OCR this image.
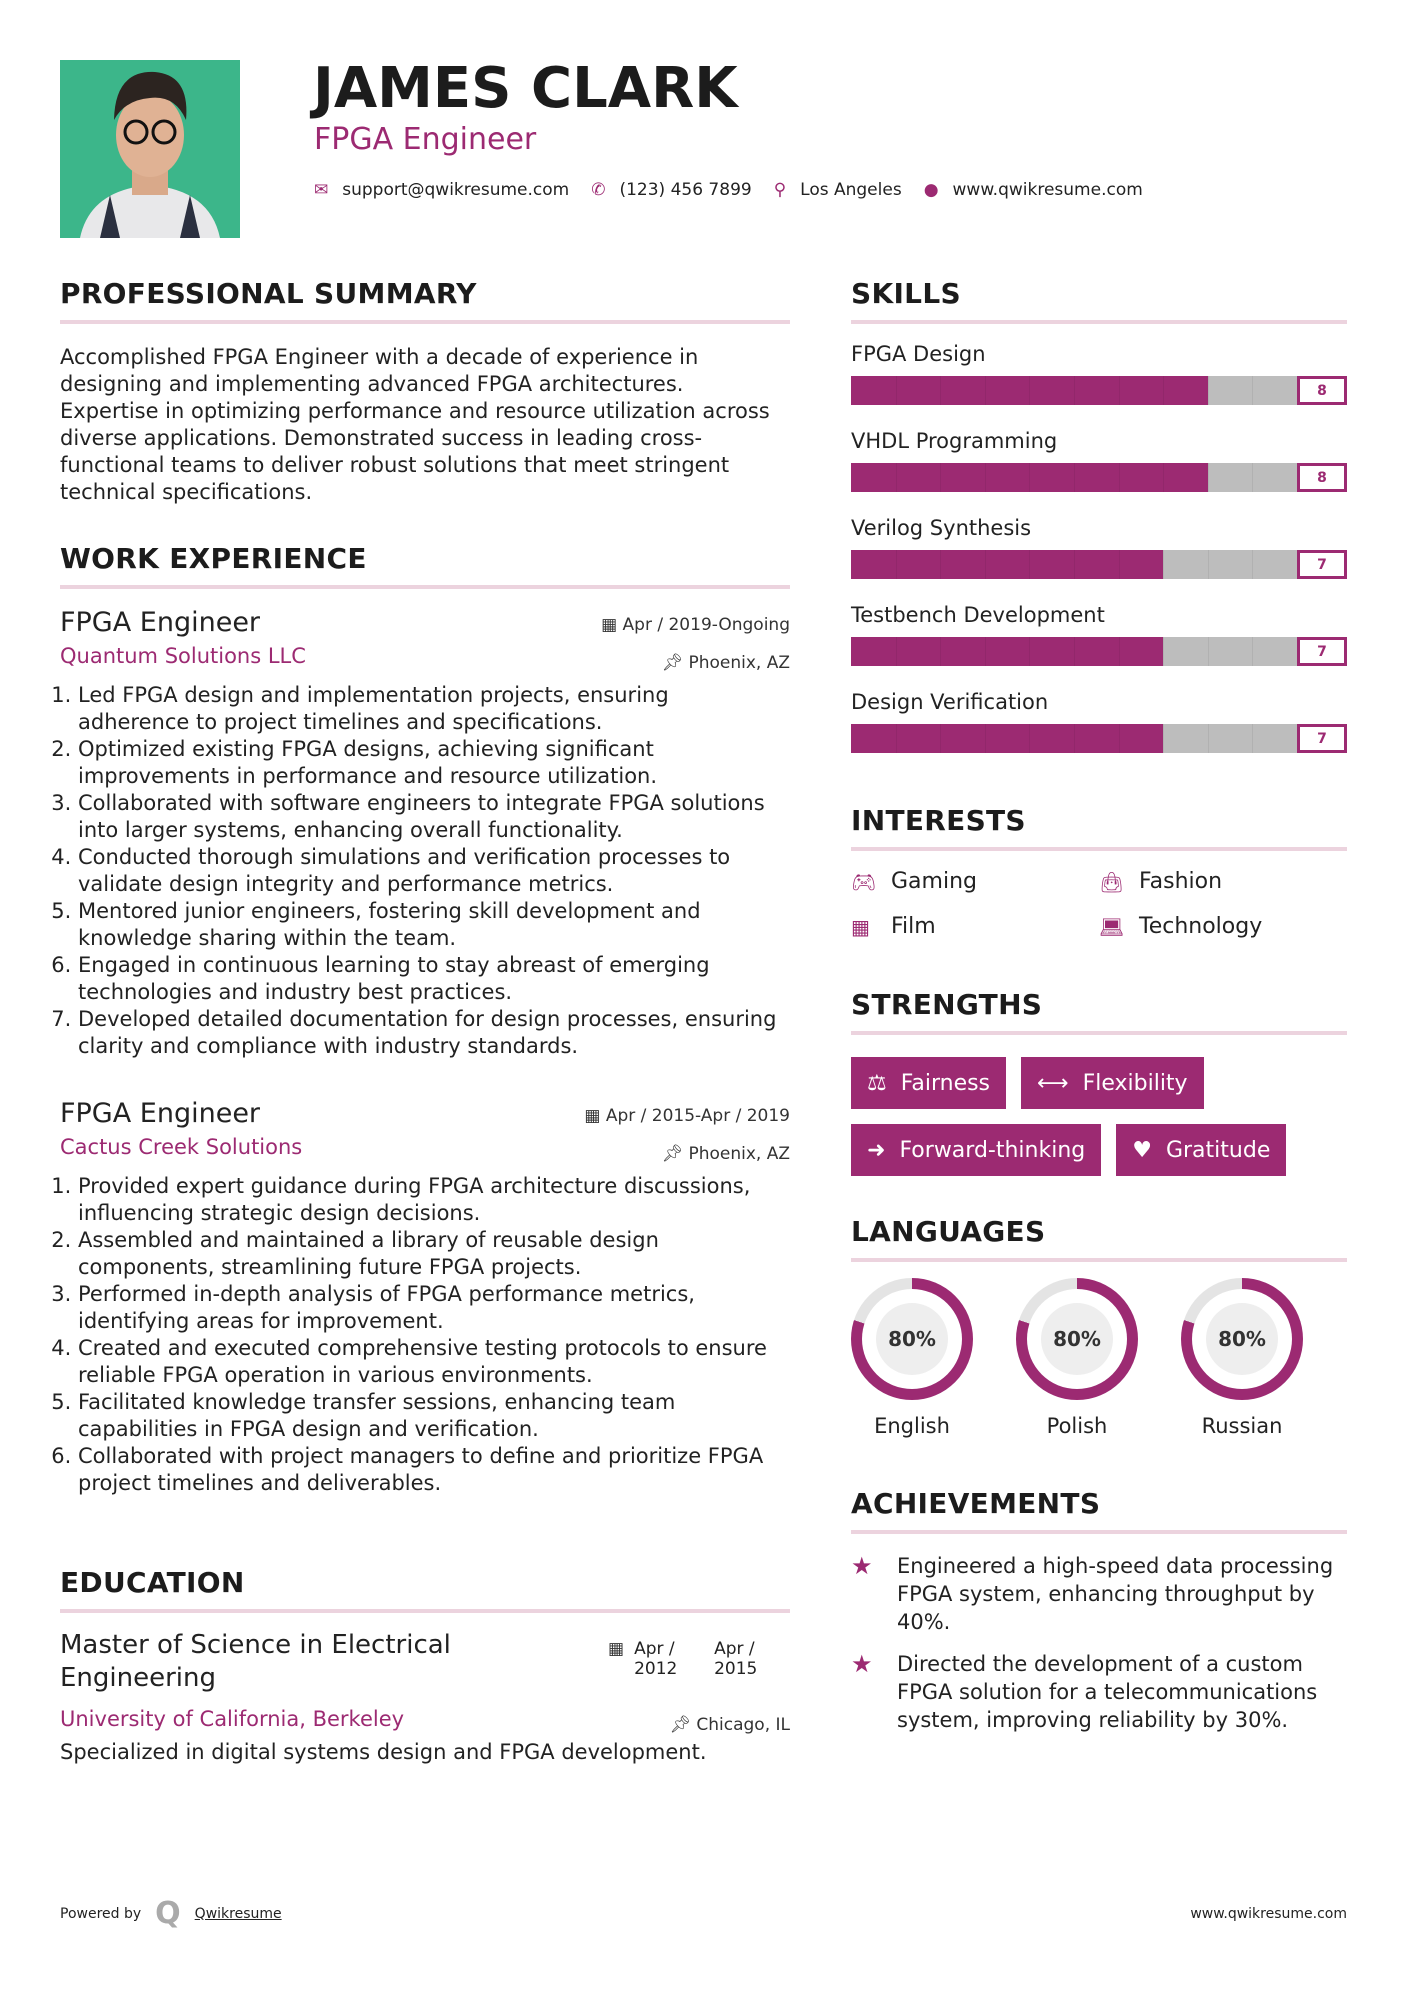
JAMES CLARK
FPGA Engineer
✉ support@qwikresume.com ✆ (123) 456 7899 ⚲ Los Angeles ● www.qwikresume.com
PROFESSIONAL SUMMARY
Accomplished FPGA Engineer with a decade of experience in designing and implementing advanced FPGA architectures. Expertise in optimizing performance and resource utilization across diverse applications. Demonstrated success in leading cross-functional teams to deliver robust solutions that meet stringent technical specifications.
WORK EXPERIENCE
FPGA Engineer	▦ Apr / 2019-Ongoing
Quantum Solutions LLC	📌︎ Phoenix, AZ
1. Led FPGA design and implementation projects, ensuring adherence to project timelines and specifications.
2. Optimized existing FPGA designs, achieving significant improvements in performance and resource utilization.
3. Collaborated with software engineers to integrate FPGA solutions into larger systems, enhancing overall functionality.
4. Conducted thorough simulations and verification processes to validate design integrity and performance metrics.
5. Mentored junior engineers, fostering skill development and knowledge sharing within the team.
6. Engaged in continuous learning to stay abreast of emerging technologies and industry best practices.
7. Developed detailed documentation for design processes, ensuring clarity and compliance with industry standards.
FPGA Engineer	▦ Apr / 2015-Apr / 2019
Cactus Creek Solutions	📌︎ Phoenix, AZ
1. Provided expert guidance during FPGA architecture discussions, influencing strategic design decisions.
2. Assembled and maintained a library of reusable design components, streamlining future FPGA projects.
3. Performed in-depth analysis of FPGA performance metrics, identifying areas for improvement.
4. Created and executed comprehensive testing protocols to ensure reliable FPGA operation in various environments.
5. Facilitated knowledge transfer sessions, enhancing team capabilities in FPGA design and verification.
6. Collaborated with project managers to define and prioritize FPGA project timelines and deliverables.
EDUCATION
Master of Science in Electrical Engineering
▦ Apr / 2012
Apr / 2015
University of California, Berkeley	📌︎ Chicago, IL
Specialized in digital systems design and FPGA development.
SKILLS
FPGA Design
8
VHDL Programming
8
Verilog Synthesis
7
Testbench Development
7
Design Verification
7
INTERESTS
🎮︎ Gaming	👜︎ Fashion
▦ Film	💻︎ Technology
STRENGTHS
⚖ Fairness ⟷ Flexibility
➜ Forward-thinking ♥ Gratitude
LANGUAGES
80%
English
80%
Polish
80%
Russian
ACHIEVEMENTS
★	Engineered a high-speed data processing FPGA system, enhancing throughput by 40%.
★	Directed the development of a custom FPGA solution for a telecommunications system, improving reliability by 30%.
Powered by Q Qwikresume	www.qwikresume.com
